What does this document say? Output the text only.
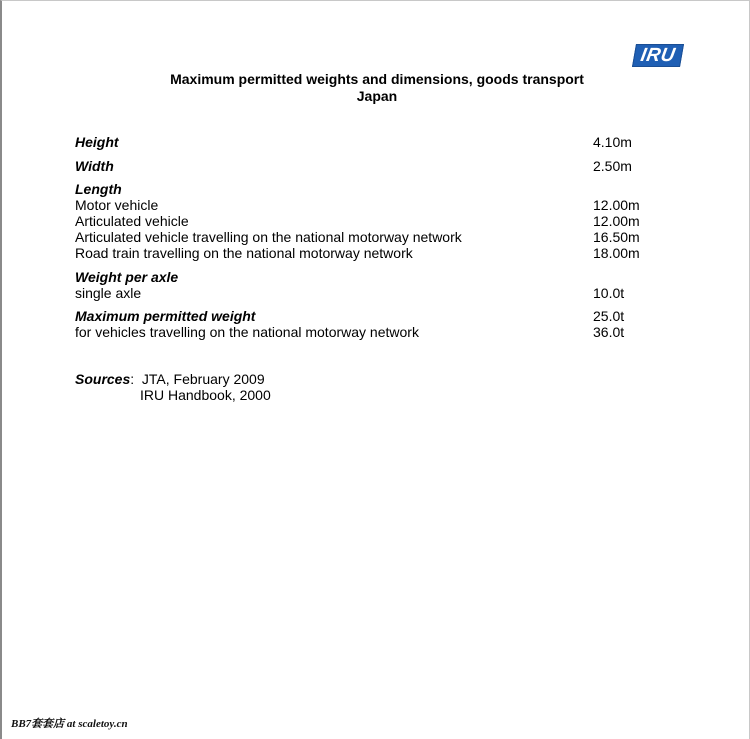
IRU
Maximum permitted weights and dimensions, goods transport
Japan
Height	4.10m
Width	2.50m
Length
Motor vehicle	12.00m
Articulated vehicle	12.00m
Articulated vehicle travelling on the national motorway network	16.50m
Road train travelling on the national motorway network	18.00m
Weight per axle
single axle	10.0t
Maximum permitted weight	25.0t
for vehicles travelling on the national motorway network	36.0t
Sources:  JTA, February 2009
IRU Handbook, 2000
BB7套套店 at scaletoy.cn
